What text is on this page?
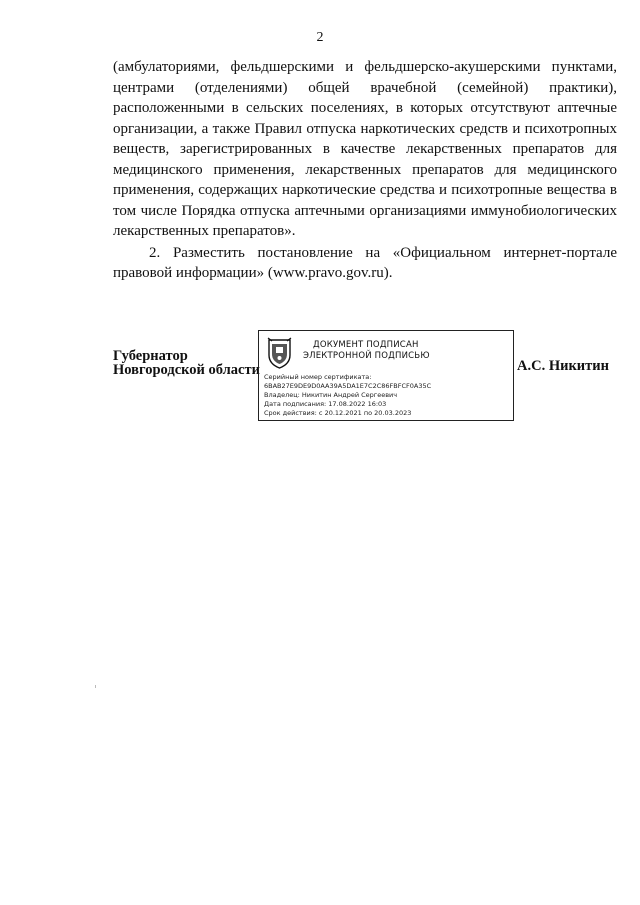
2

(амбулаториями, фельдшерскими и фельдшерско-акушерскими пунктами, центрами (отделениями) общей врачебной (семейной) практики), расположенными в сельских поселениях, в которых отсутствуют аптечные организации, а также Правил отпуска наркотических средств и психотропных веществ, зарегистрированных в качестве лекарственных препаратов для медицинского применения, лекарственных препаратов для медицинского применения, содержащих наркотические средства и психотропные вещества в том числе Порядка отпуска аптечными организациями иммунобиологических лекарственных препаратов».

2. Разместить постановление на «Официальном интернет-портале правовой информации» (www.pravo.gov.ru).

Губернатор
Новгородской области
ДОКУМЕНТ ПОДПИСАН
ЭЛЕКТРОННОЙ ПОДПИСЬЮ
Серийный номер сертификата:
6BAB27E9DE9D0AA39A5DA1E7C2C86FBFCF0A35C
Владелец: Никитин Андрей Сергеевич
Дата подписания: 17.08.2022 16:03
Срок действия: с 20.12.2021 по 20.03.2023
А.С. Никитин
